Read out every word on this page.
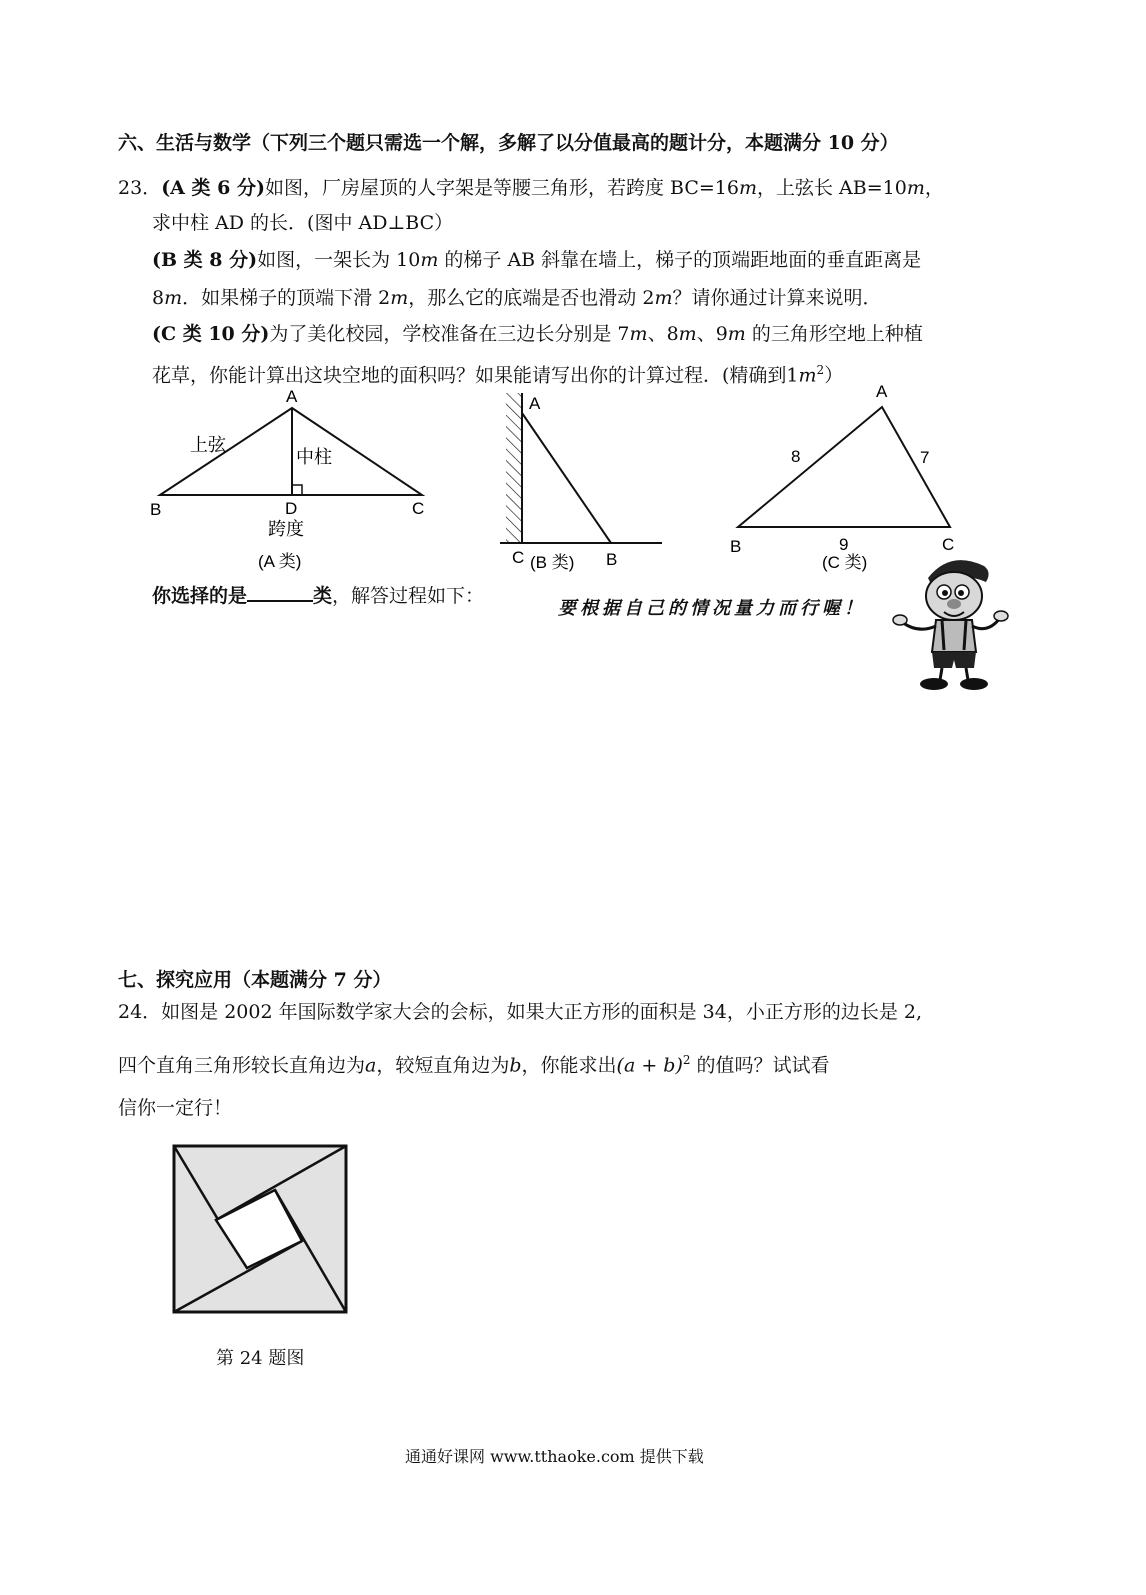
六、生活与数学（下列三个题只需选一个解，多解了以分值最高的题计分，本题满分 10 分）
23．(A 类 6 分)如图，厂房屋顶的人字架是等腰三角形，若跨度 BC=16m，上弦长 AB=10m，
求中柱 AD 的长．(图中 AD⊥BC）
(B 类 8 分)如图，一架长为 10m 的梯子 AB 斜靠在墙上，梯子的顶端距地面的垂直距离是
8m．如果梯子的顶端下滑 2m，那么它的底端是否也滑动 2m？请你通过计算来说明．
(C 类 10 分)为了美化校园，学校准备在三边长分别是 7m、8m、9m 的三角形空地上种植
花草，你能计算出这块空地的面积吗？如果能请写出你的计算过程．(精确到$1m^2$）
A
B	C
D
上弦
中柱
跨度
(A 类)
A
C	B
(B 类)
A
B	C
8	7
9
(C 类)
你选择的是	类，解答过程如下：
要根据自己的情况量力而行喔！
七、探究应用（本题满分 7 分）
24．如图是 2002 年国际数学家大会的会标，如果大正方形的面积是 34，小正方形的边长是 2,
四个直角三角形较长直角边为a，较短直角边为b，你能求出$(a + b)^2$ 的值吗？试试看
信你一定行！
第 24 题图
通通好课网 www.tthaoke.com 提供下载
